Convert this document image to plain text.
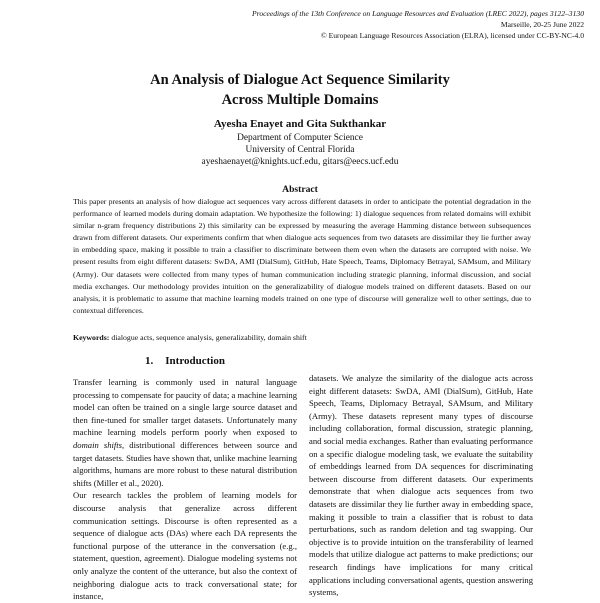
Proceedings of the 13th Conference on Language Resources and Evaluation (LREC 2022), pages 3122–3130
Marseille, 20-25 June 2022
© European Language Resources Association (ELRA), licensed under CC-BY-NC-4.0
An Analysis of Dialogue Act Sequence Similarity
Across Multiple Domains
Ayesha Enayet and Gita Sukthankar
Department of Computer Science
University of Central Florida
ayeshaenayet@knights.ucf.edu, gitars@eecs.ucf.edu
Abstract
This paper presents an analysis of how dialogue act sequences vary across different datasets in order to anticipate the potential degradation in the performance of learned models during domain adaptation. We hypothesize the following: 1) dialogue sequences from related domains will exhibit similar n-gram frequency distributions 2) this similarity can be expressed by measuring the average Hamming distance between subsequences drawn from different datasets. Our experiments confirm that when dialogue acts sequences from two datasets are dissimilar they lie further away in embedding space, making it possible to train a classifier to discriminate between them even when the datasets are corrupted with noise. We present results from eight different datasets: SwDA, AMI (DialSum), GitHub, Hate Speech, Teams, Diplomacy Betrayal, SAMsum, and Military (Army). Our datasets were collected from many types of human communication including strategic planning, informal discussion, and social media exchanges. Our methodology provides intuition on the generalizability of dialogue models trained on different datasets. Based on our analysis, it is problematic to assume that machine learning models trained on one type of discourse will generalize well to other settings, due to contextual differences.
Keywords: dialogue acts, sequence analysis, generalizability, domain shift
1. Introduction

Transfer learning is commonly used in natural language processing to compensate for paucity of data; a machine learning model can often be trained on a single large source dataset and then fine-tuned for smaller target datasets. Unfortunately many machine learning models perform poorly when exposed to domain shifts, distributional differences between source and target datasets. Studies have shown that, unlike machine learning algorithms, humans are more robust to these natural distribution shifts (Miller et al., 2020).

Our research tackles the problem of learning models for discourse analysis that generalize across different communication settings. Discourse is often represented as a sequence of dialogue acts (DAs) where each DA represents the functional purpose of the utterance in the conversation (e.g., statement, question, agreement). Dialogue modeling systems not only analyze the content of the utterance, but also the context of neighboring dialogue acts to track conversational state; for instance,

datasets. We analyze the similarity of the dialogue acts across eight different datasets: SwDA, AMI (DialSum), GitHub, Hate Speech, Teams, Diplomacy Betrayal, SAMsum, and Military (Army). These datasets represent many types of discourse including collaboration, formal discussion, strategic planning, and social media exchanges. Rather than evaluating performance on a specific dialogue modeling task, we evaluate the suitability of embeddings learned from DA sequences for discriminating between discourse from different datasets. Our experiments demonstrate that when dialogue acts sequences from two datasets are dissimilar they lie further away in embedding space, making it possible to train a classifier that is robust to data perturbations, such as random deletion and tag swapping. Our objective is to provide intuition on the transferability of learned models that utilize dialogue act patterns to make predictions; our research findings have implications for many critical applications including conversational agents, question answering systems,
